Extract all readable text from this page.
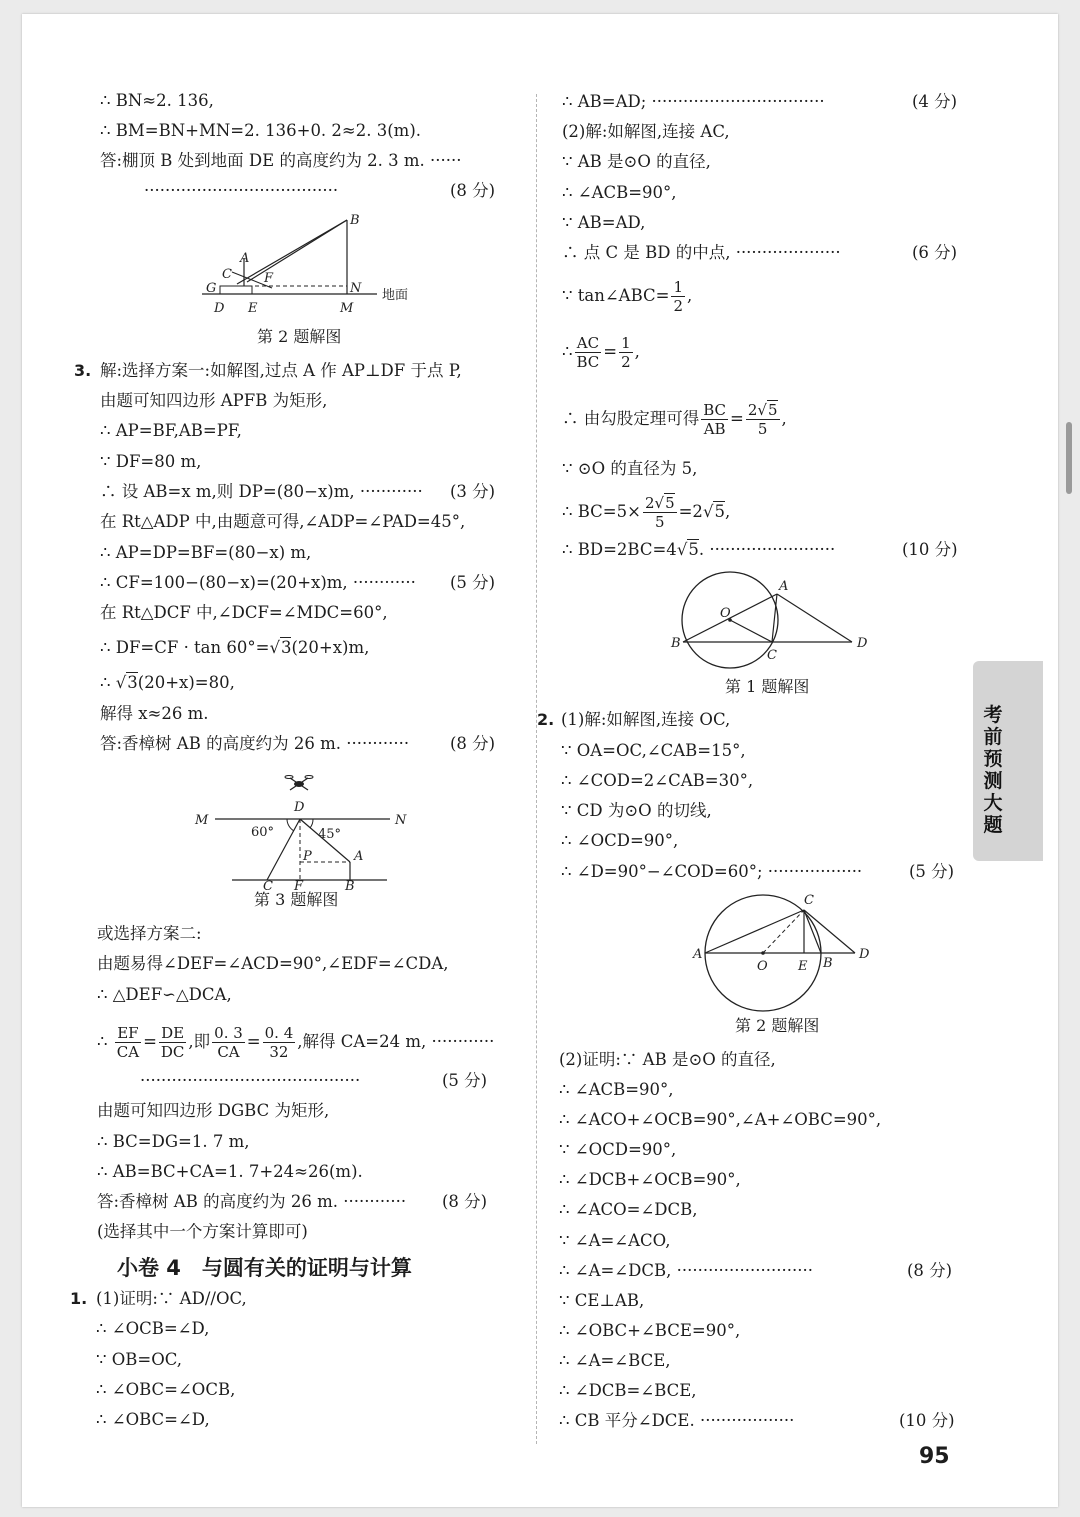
∴ BN≈2. 136,
∴ BM=BN+MN=2. 136+0. 2≈2. 3(m).
答:棚顶 B 处到地面 DE 的高度约为 2. 3 m. ······
·····································	(8 分)
B
A
C F
G	N
D E	M
地面
第 2 题解图
3. 解:选择方案一:如解图,过点 A 作 AP⊥DF 于点 P,
由题可知四边形 APFB 为矩形,
∴ AP=BF,AB=PF,
∵ DF=80 m,
∴ 设 AB=x m,则 DP=(80−x)m, ············ (3 分)
在 Rt△ADP 中,由题意可得,∠ADP=∠PAD=45°,
∴ AP=DP=BF=(80−x) m,
∴ CF=100−(80−x)=(20+x)m, ············ (5 分)
在 Rt△DCF 中,∠DCF=∠MDC=60°,
∴ DF=CF · tan 60°=√3(20+x)m,
∴ √3(20+x)=80,
解得 x≈26 m.
答:香樟树 AB 的高度约为 26 m. ············ (8 分)
M	N
D
60°	45°
P	A
C F	B
第 3 题解图
或选择方案二:
由题易得∠DEF=∠ACD=90°,∠EDF=∠CDA,
∴ △DEF∽△DCA,
∴ $\frac{EF}{CA} = \frac{DE}{DC}$ ,即 $\frac{0. 3}{CA} = \frac{0. 4}{32}$ ,解得 CA=24 m, ············
··········································	(5 分)
由题可知四边形 DGBC 为矩形,
∴ BC=DG=1. 7 m,
∴ AB=BC+CA=1. 7+24≈26(m).
答:香樟树 AB 的高度约为 26 m. ············ (8 分)
(选择其中一个方案计算即可)
小卷 4　与圆有关的证明与计算
1. (1)证明:∵ AD//OC,
∴ ∠OCB=∠D,
∵ OB=OC,
∴ ∠OBC=∠OCB,
∴ ∠OBC=∠D,
∴ AB=AD; ·································	(4 分)
(2)解:如解图,连接 AC,
∵ AB 是⊙O 的直径,
∴ ∠ACB=90°,
∵ AB=AD,
∴ 点 C 是 BD 的中点, ····················	(6 分)
∵ tan∠ABC= $\frac{1}{2}$ ,
∴ $\frac{AC}{BC} = \frac{1}{2}$ ,
∴ 由勾股定理可得 $\frac{BC}{AB} = \frac{2√5}{5}$ ,
∵ ⊙O 的直径为 5,
∴ $BC=5\times \frac{2√5}{5} =2√5$,
∴ BD=2BC=4√5. ························	(10 分)
O
A
B
C
D
第 1 题解图
2. (1)解:如解图,连接 OC,
∵ OA=OC,∠CAB=15°,
∴ ∠COD=2∠CAB=30°,
∵ CD 为⊙O 的切线,
∴ ∠OCD=90°,
∴ ∠D=90°−∠COD=60°; ··················	(5 分)
C
A
O E B
D
第 2 题解图
(2)证明:∵ AB 是⊙O 的直径,
∴ ∠ACB=90°,
∴ ∠ACO+∠OCB=90°,∠A+∠OBC=90°,
∵ ∠OCD=90°,
∴ ∠DCB+∠OCB=90°,
∴ ∠ACO=∠DCB,
∵ ∠A=∠ACO,
∴ ∠A=∠DCB, ··························	(8 分)
∵ CE⊥AB,
∴ ∠OBC+∠BCE=90°,
∴ ∠A=∠BCE,
∴ ∠DCB=∠BCE,
∴ CB 平分∠DCE. ··················	(10 分)
考前预测大题
95
